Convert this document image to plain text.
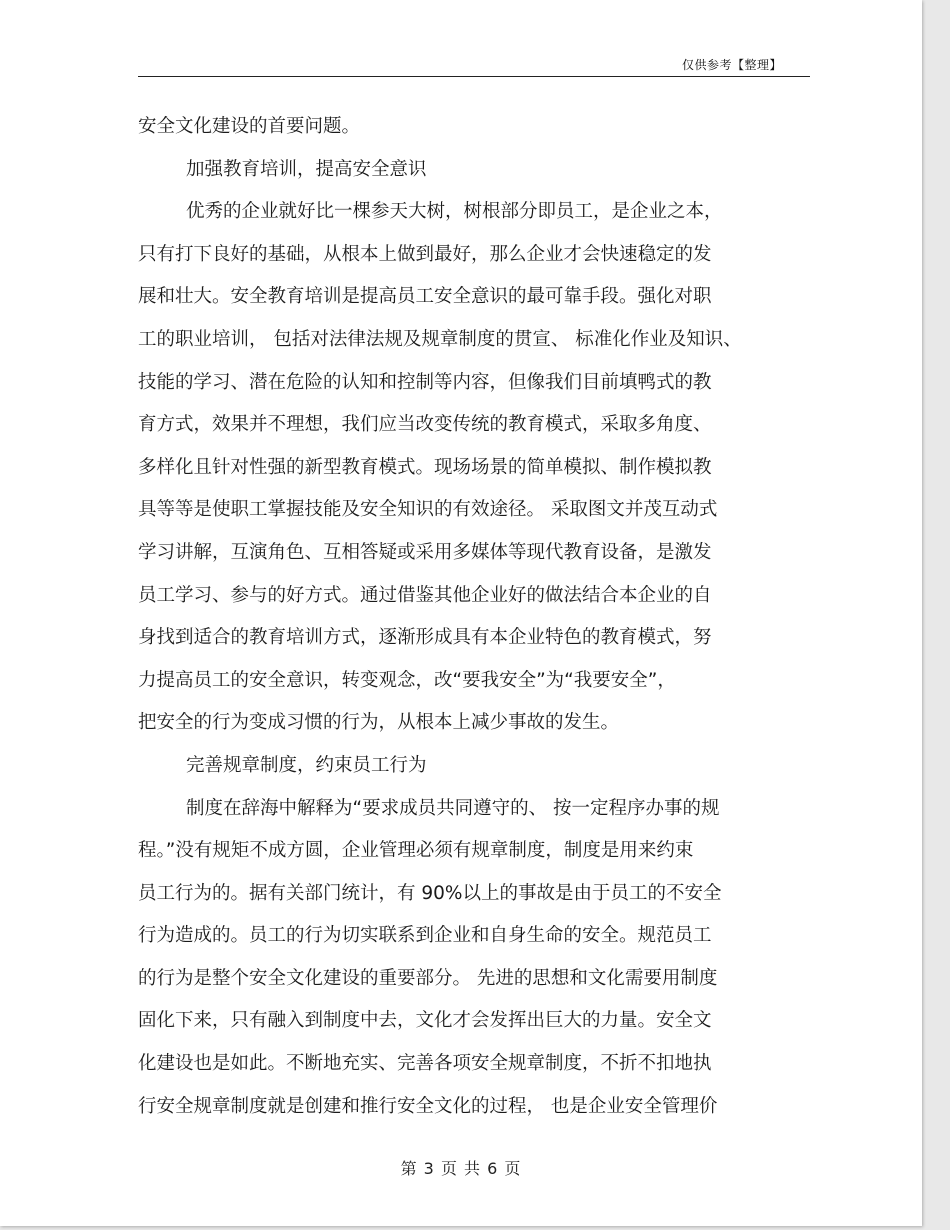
仅供参考【整理】
安全文化建设的首要问题。
加强教育培训，提高安全意识
优秀的企业就好比一棵参天大树，树根部分即员工，是企业之本，
只有打下良好的基础，从根本上做到最好，那么企业才会快速稳定的发
展和壮大。安全教育培训是提高员工安全意识的最可靠手段。强化对职
工的职业培训， 包括对法律法规及规章制度的贯宣、 标准化作业及知识、
技能的学习、潜在危险的认知和控制等内容，但像我们目前填鸭式的教
育方式，效果并不理想，我们应当改变传统的教育模式，采取多角度、
多样化且针对性强的新型教育模式。现场场景的简单模拟、制作模拟教
具等等是使职工掌握技能及安全知识的有效途径。 采取图文并茂互动式
学习讲解，互演角色、互相答疑或采用多媒体等现代教育设备，是激发
员工学习、参与的好方式。通过借鉴其他企业好的做法结合本企业的自
身找到适合的教育培训方式，逐渐形成具有本企业特色的教育模式，努
力提高员工的安全意识，转变观念，改“要我安全”为“我要安全”，
把安全的行为变成习惯的行为，从根本上减少事故的发生。
完善规章制度，约束员工行为
制度在辞海中解释为“要求成员共同遵守的、 按一定程序办事的规
程。”没有规矩不成方圆，企业管理必须有规章制度，制度是用来约束
员工行为的。据有关部门统计，有 90%以上的事故是由于员工的不安全
行为造成的。员工的行为切实联系到企业和自身生命的安全。规范员工
的行为是整个安全文化建设的重要部分。 先进的思想和文化需要用制度
固化下来，只有融入到制度中去，文化才会发挥出巨大的力量。安全文
化建设也是如此。不断地充实、完善各项安全规章制度，不折不扣地执
行安全规章制度就是创建和推行安全文化的过程， 也是企业安全管理价
第 3 页 共 6 页
